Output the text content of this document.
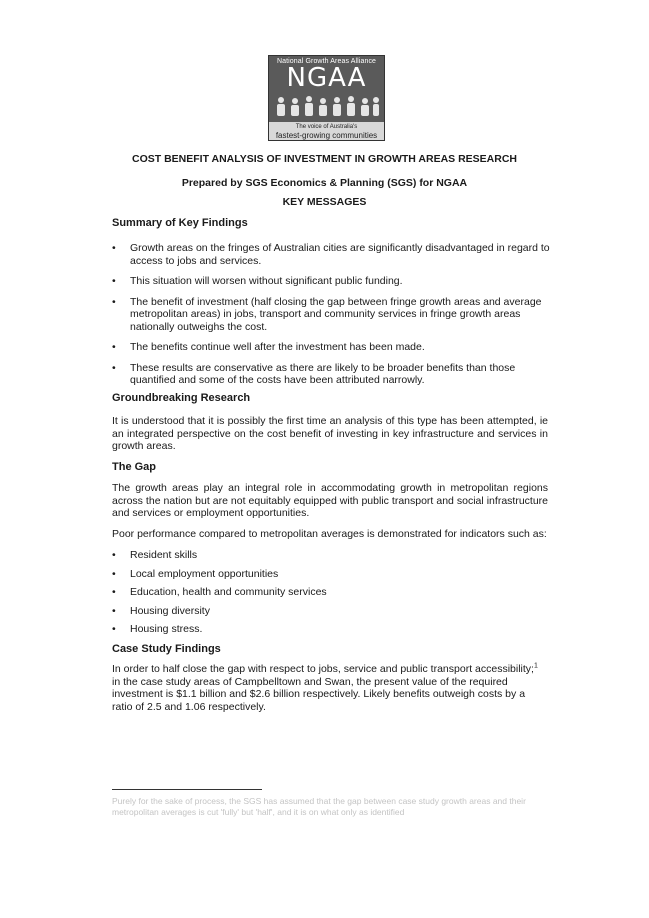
National Growth Areas Alliance
NGAA
The voice of Australia's
fastest-growing communities
COST BENEFIT ANALYSIS OF INVESTMENT IN GROWTH AREAS RESEARCH
Prepared by SGS Economics & Planning (SGS) for NGAA
KEY MESSAGES
Summary of Key Findings
• Growth areas on the fringes of Australian cities are significantly disadvantaged in regard to access to jobs and services.
• This situation will worsen without significant public funding.
• The benefit of investment (half closing the gap between fringe growth areas and average metropolitan areas) in jobs, transport and community services in fringe growth areas nationally outweighs the cost.
• The benefits continue well after the investment has been made.
• These results are conservative as there are likely to be broader benefits than those quantified and some of the costs have been attributed narrowly.
Groundbreaking Research
It is understood that it is possibly the first time an analysis of this type has been attempted, ie an integrated perspective on the cost benefit of investing in key infrastructure and services in growth areas.
The Gap
The growth areas play an integral role in accommodating growth in metropolitan regions across the nation but are not equitably equipped with public transport and social infrastructure and services or employment opportunities.
Poor performance compared to metropolitan averages is demonstrated for indicators such as:
• Resident skills
• Local employment opportunities
• Education, health and community services
• Housing diversity
• Housing stress.
Case Study Findings
In order to half close the gap with respect to jobs, service and public transport accessibility;$^1$ in the case study areas of Campbelltown and Swan, the present value of the required investment is $1.1 billion and $2.6 billion respectively. Likely benefits outweigh costs by a ratio of 2.5 and 1.06 respectively.
Purely for the sake of process, the SGS has assumed that the gap between case study growth areas and their metropolitan averages is cut 'fully' but 'half', and it is on what only as identified
